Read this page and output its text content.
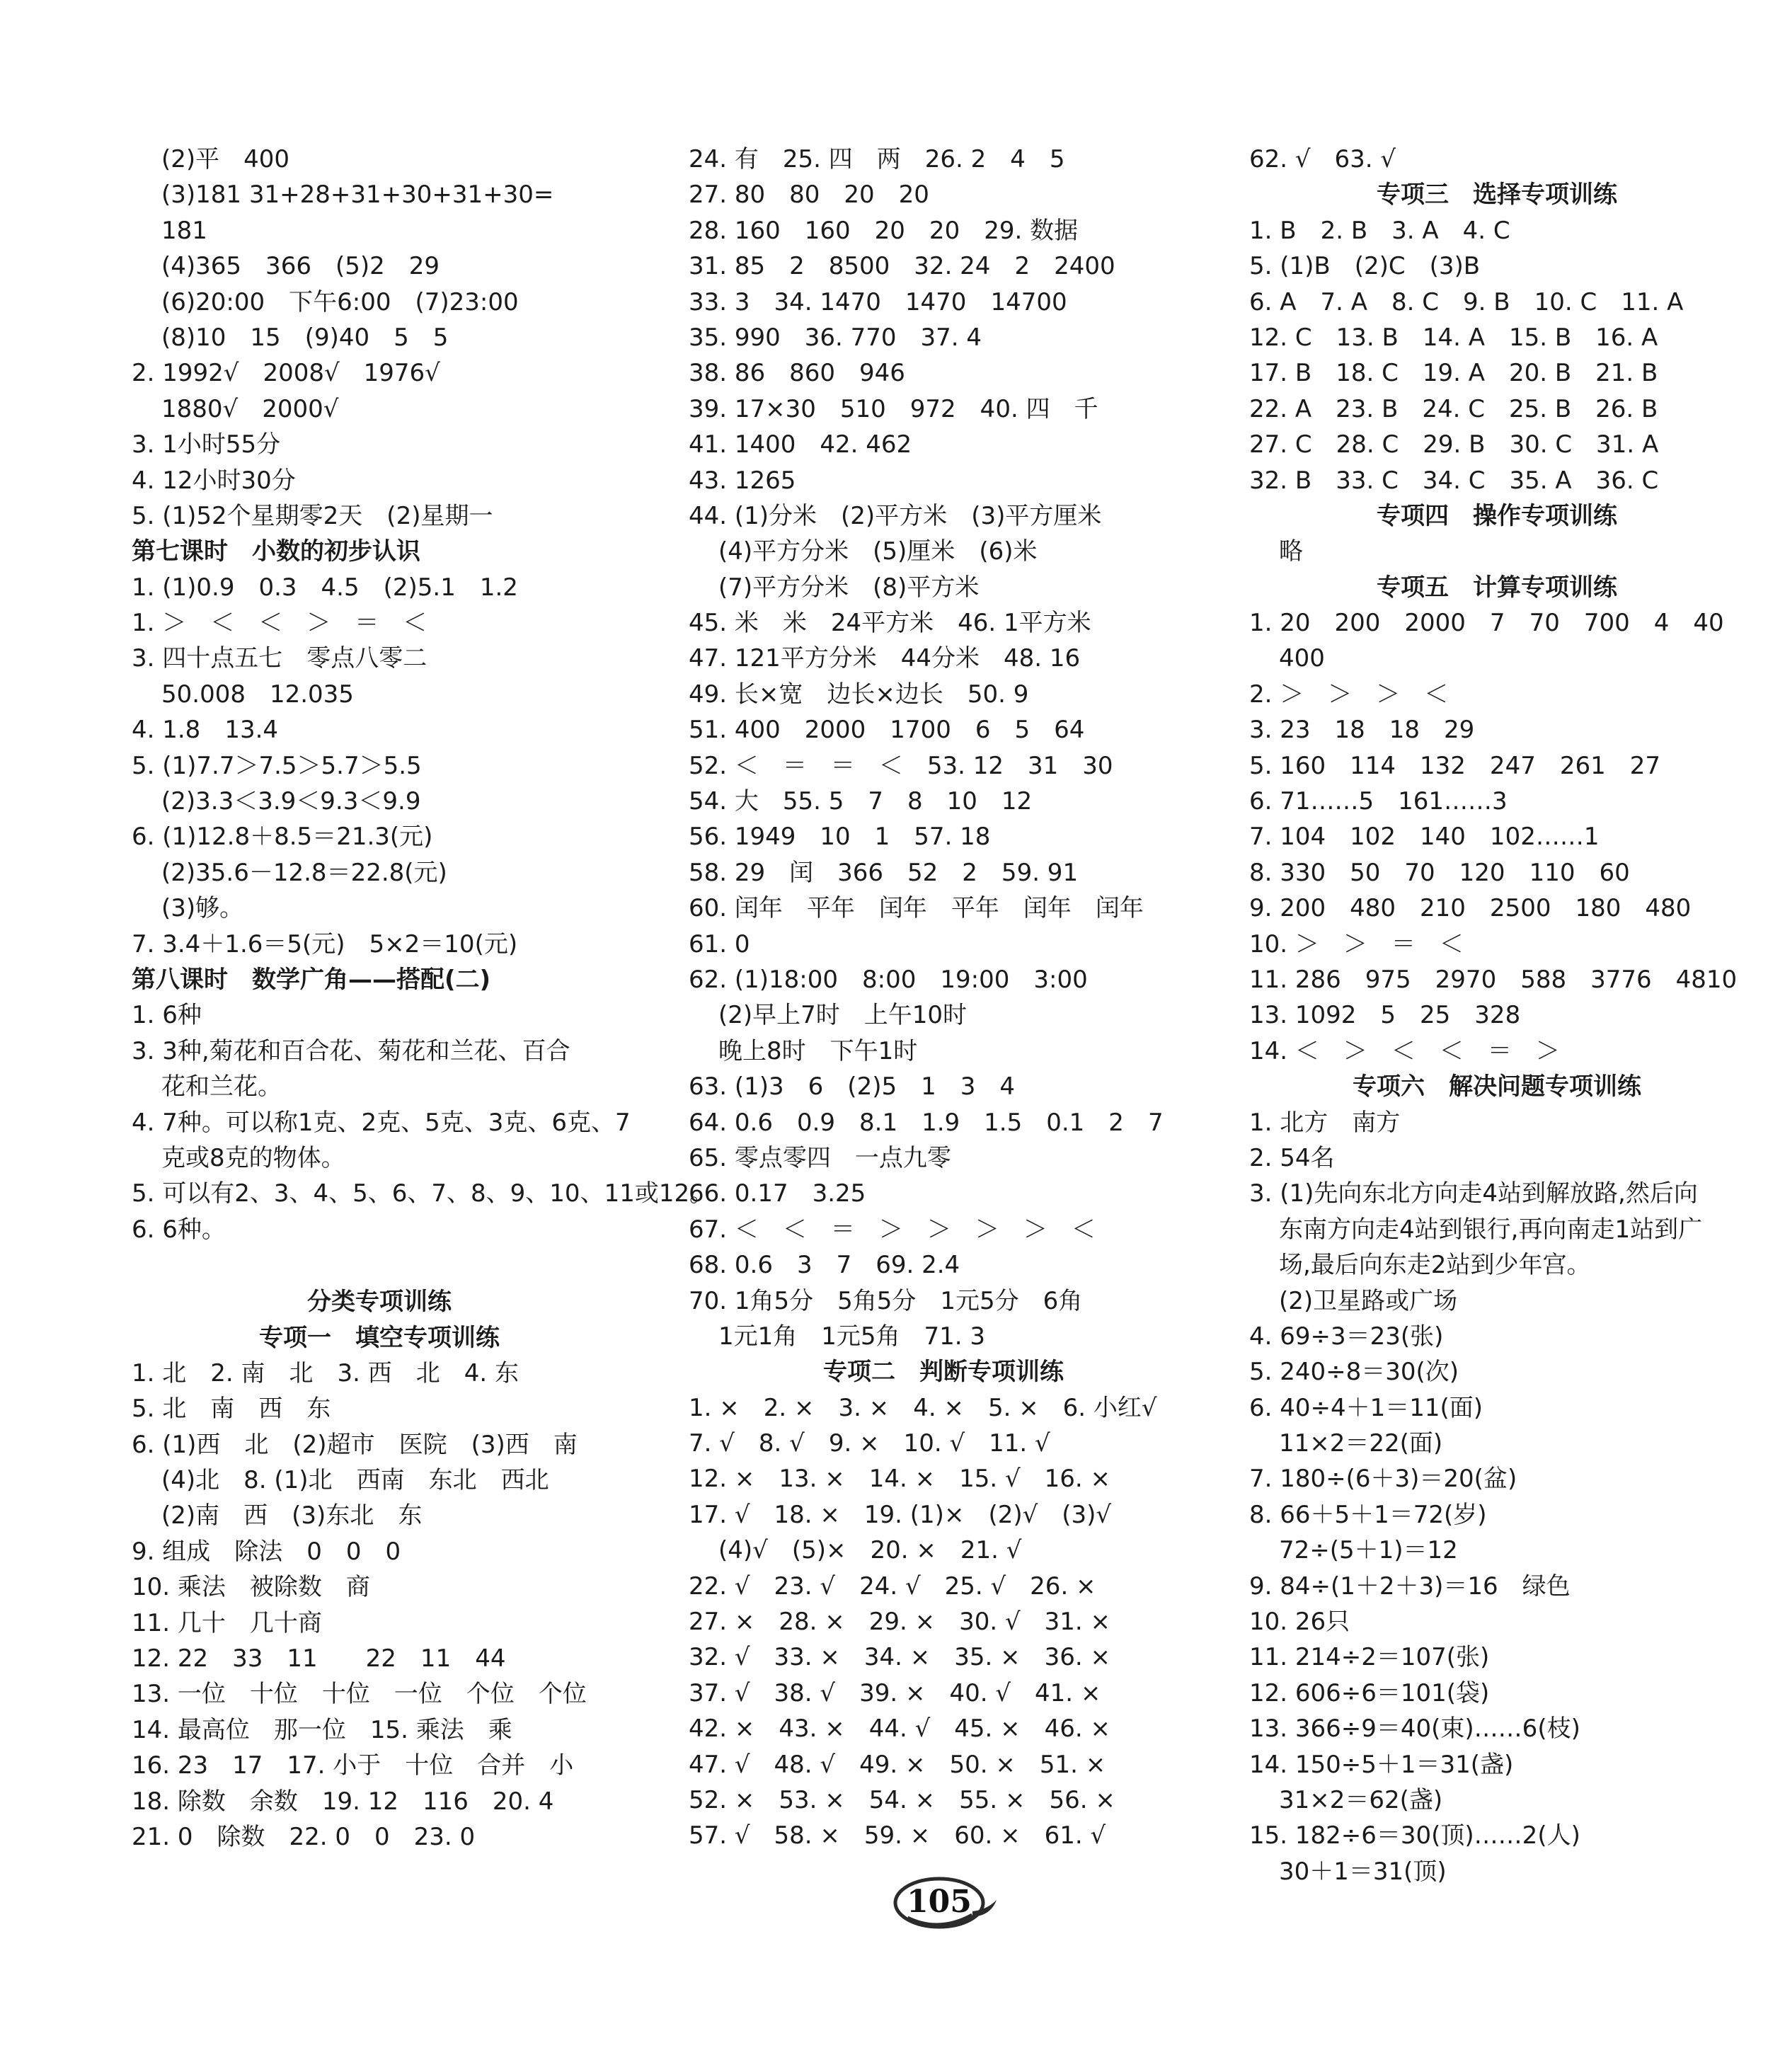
(2)平　400
(3)181 31+28+31+30+31+30=
181
(4)365　366　(5)2　29
(6)20:00　下午6:00　(7)23:00
(8)10　15　(9)40　5　5
2. 1992√　2008√　1976√
1880√　2000√
3. 1小时55分
4. 12小时30分
5. (1)52个星期零2天　(2)星期一
第七课时　小数的初步认识
1. (1)0.9　0.3　4.5　(2)5.1　1.2
1. ＞　＜　＜　＞　＝　＜
3. 四十点五七　零点八零二
50.008　12.035
4. 1.8　13.4
5. (1)7.7＞7.5＞5.7＞5.5
(2)3.3＜3.9＜9.3＜9.9
6. (1)12.8＋8.5＝21.3(元)
(2)35.6－12.8＝22.8(元)
(3)够。
7. 3.4＋1.6＝5(元)　5×2＝10(元)
第八课时　数学广角——搭配(二)
1. 6种
3. 3种,菊花和百合花、菊花和兰花、百合
花和兰花。
4. 7种。可以称1克、2克、5克、3克、6克、7
克或8克的物体。
5. 可以有2、3、4、5、6、7、8、9、10、11或12。
6. 6种。
分类专项训练
专项一　填空专项训练
1. 北　2. 南　北　3. 西　北　4. 东
5. 北　南　西　东
6. (1)西　北　(2)超市　医院　(3)西　南
(4)北　8. (1)北　西南　东北　西北
(2)南　西　(3)东北　东
9. 组成　除法　0　0　0
10. 乘法　被除数　商
11. 几十　几十商
12. 22　33　11　　22　11　44
13. 一位　十位　十位　一位　个位　个位
14. 最高位　那一位　15. 乘法　乘
16. 23　17　17. 小于　十位　合并　小
18. 除数　余数　19. 12　116　20. 4
21. 0　除数　22. 0　0　23. 0
24. 有　25. 四　两　26. 2　4　5
27. 80　80　20　20
28. 160　160　20　20　29. 数据
31. 85　2　8500　32. 24　2　2400
33. 3　34. 1470　1470　14700
35. 990　36. 770　37. 4
38. 86　860　946
39. 17×30　510　972　40. 四　千
41. 1400　42. 462
43. 1265
44. (1)分米　(2)平方米　(3)平方厘米
(4)平方分米　(5)厘米　(6)米
(7)平方分米　(8)平方米
45. 米　米　24平方米　46. 1平方米
47. 121平方分米　44分米　48. 16
49. 长×宽　边长×边长　50. 9
51. 400　2000　1700　6　5　64
52. ＜　＝　＝　＜　53. 12　31　30
54. 大　55. 5　7　8　10　12
56. 1949　10　1　57. 18
58. 29　闰　366　52　2　59. 91
60. 闰年　平年　闰年　平年　闰年　闰年
61. 0
62. (1)18:00　8:00　19:00　3:00
(2)早上7时　上午10时
晚上8时　下午1时
63. (1)3　6　(2)5　1　3　4
64. 0.6　0.9　8.1　1.9　1.5　0.1　2　7
65. 零点零四　一点九零
66. 0.17　3.25
67. ＜　＜　＝　＞　＞　＞　＞　＜
68. 0.6　3　7　69. 2.4
70. 1角5分　5角5分　1元5分　6角
1元1角　1元5角　71. 3
专项二　判断专项训练
1. ×　2. ×　3. ×　4. ×　5. ×　6. 小红√
7. √　8. √　9. ×　10. √　11. √
12. ×　13. ×　14. ×　15. √　16. ×
17. √　18. ×　19. (1)×　(2)√　(3)√
(4)√　(5)×　20. ×　21. √
22. √　23. √　24. √　25. √　26. ×
27. ×　28. ×　29. ×　30. √　31. ×
32. √　33. ×　34. ×　35. ×　36. ×
37. √　38. √　39. ×　40. √　41. ×
42. ×　43. ×　44. √　45. ×　46. ×
47. √　48. √　49. ×　50. ×　51. ×
52. ×　53. ×　54. ×　55. ×　56. ×
57. √　58. ×　59. ×　60. ×　61. √
62. √　63. √
专项三　选择专项训练
1. B　2. B　3. A　4. C
5. (1)B　(2)C　(3)B
6. A　7. A　8. C　9. B　10. C　11. A
12. C　13. B　14. A　15. B　16. A
17. B　18. C　19. A　20. B　21. B
22. A　23. B　24. C　25. B　26. B
27. C　28. C　29. B　30. C　31. A
32. B　33. C　34. C　35. A　36. C
专项四　操作专项训练
略
专项五　计算专项训练
1. 20　200　2000　7　70　700　4　40
400
2. ＞　＞　＞　＜
3. 23　18　18　29
5. 160　114　132　247　261　27
6. 71……5　161……3
7. 104　102　140　102……1
8. 330　50　70　120　110　60
9. 200　480　210　2500　180　480
10. ＞　＞　＝　＜
11. 286　975　2970　588　3776　4810
13. 1092　5　25　328
14. ＜　＞　＜　＜　＝　＞
专项六　解决问题专项训练
1. 北方　南方
2. 54名
3. (1)先向东北方向走4站到解放路,然后向
东南方向走4站到银行,再向南走1站到广
场,最后向东走2站到少年宫。
(2)卫星路或广场
4. 69÷3＝23(张)
5. 240÷8＝30(次)
6. 40÷4＋1＝11(面)
11×2＝22(面)
7. 180÷(6＋3)＝20(盆)
8. 66＋5＋1＝72(岁)
72÷(5＋1)＝12
9. 84÷(1＋2＋3)＝16　绿色
10. 26只
11. 214÷2＝107(张)
12. 606÷6＝101(袋)
13. 366÷9＝40(束)……6(枝)
14. 150÷5＋1＝31(盏)
31×2＝62(盏)
15. 182÷6＝30(顶)……2(人)
30＋1＝31(顶)
105
